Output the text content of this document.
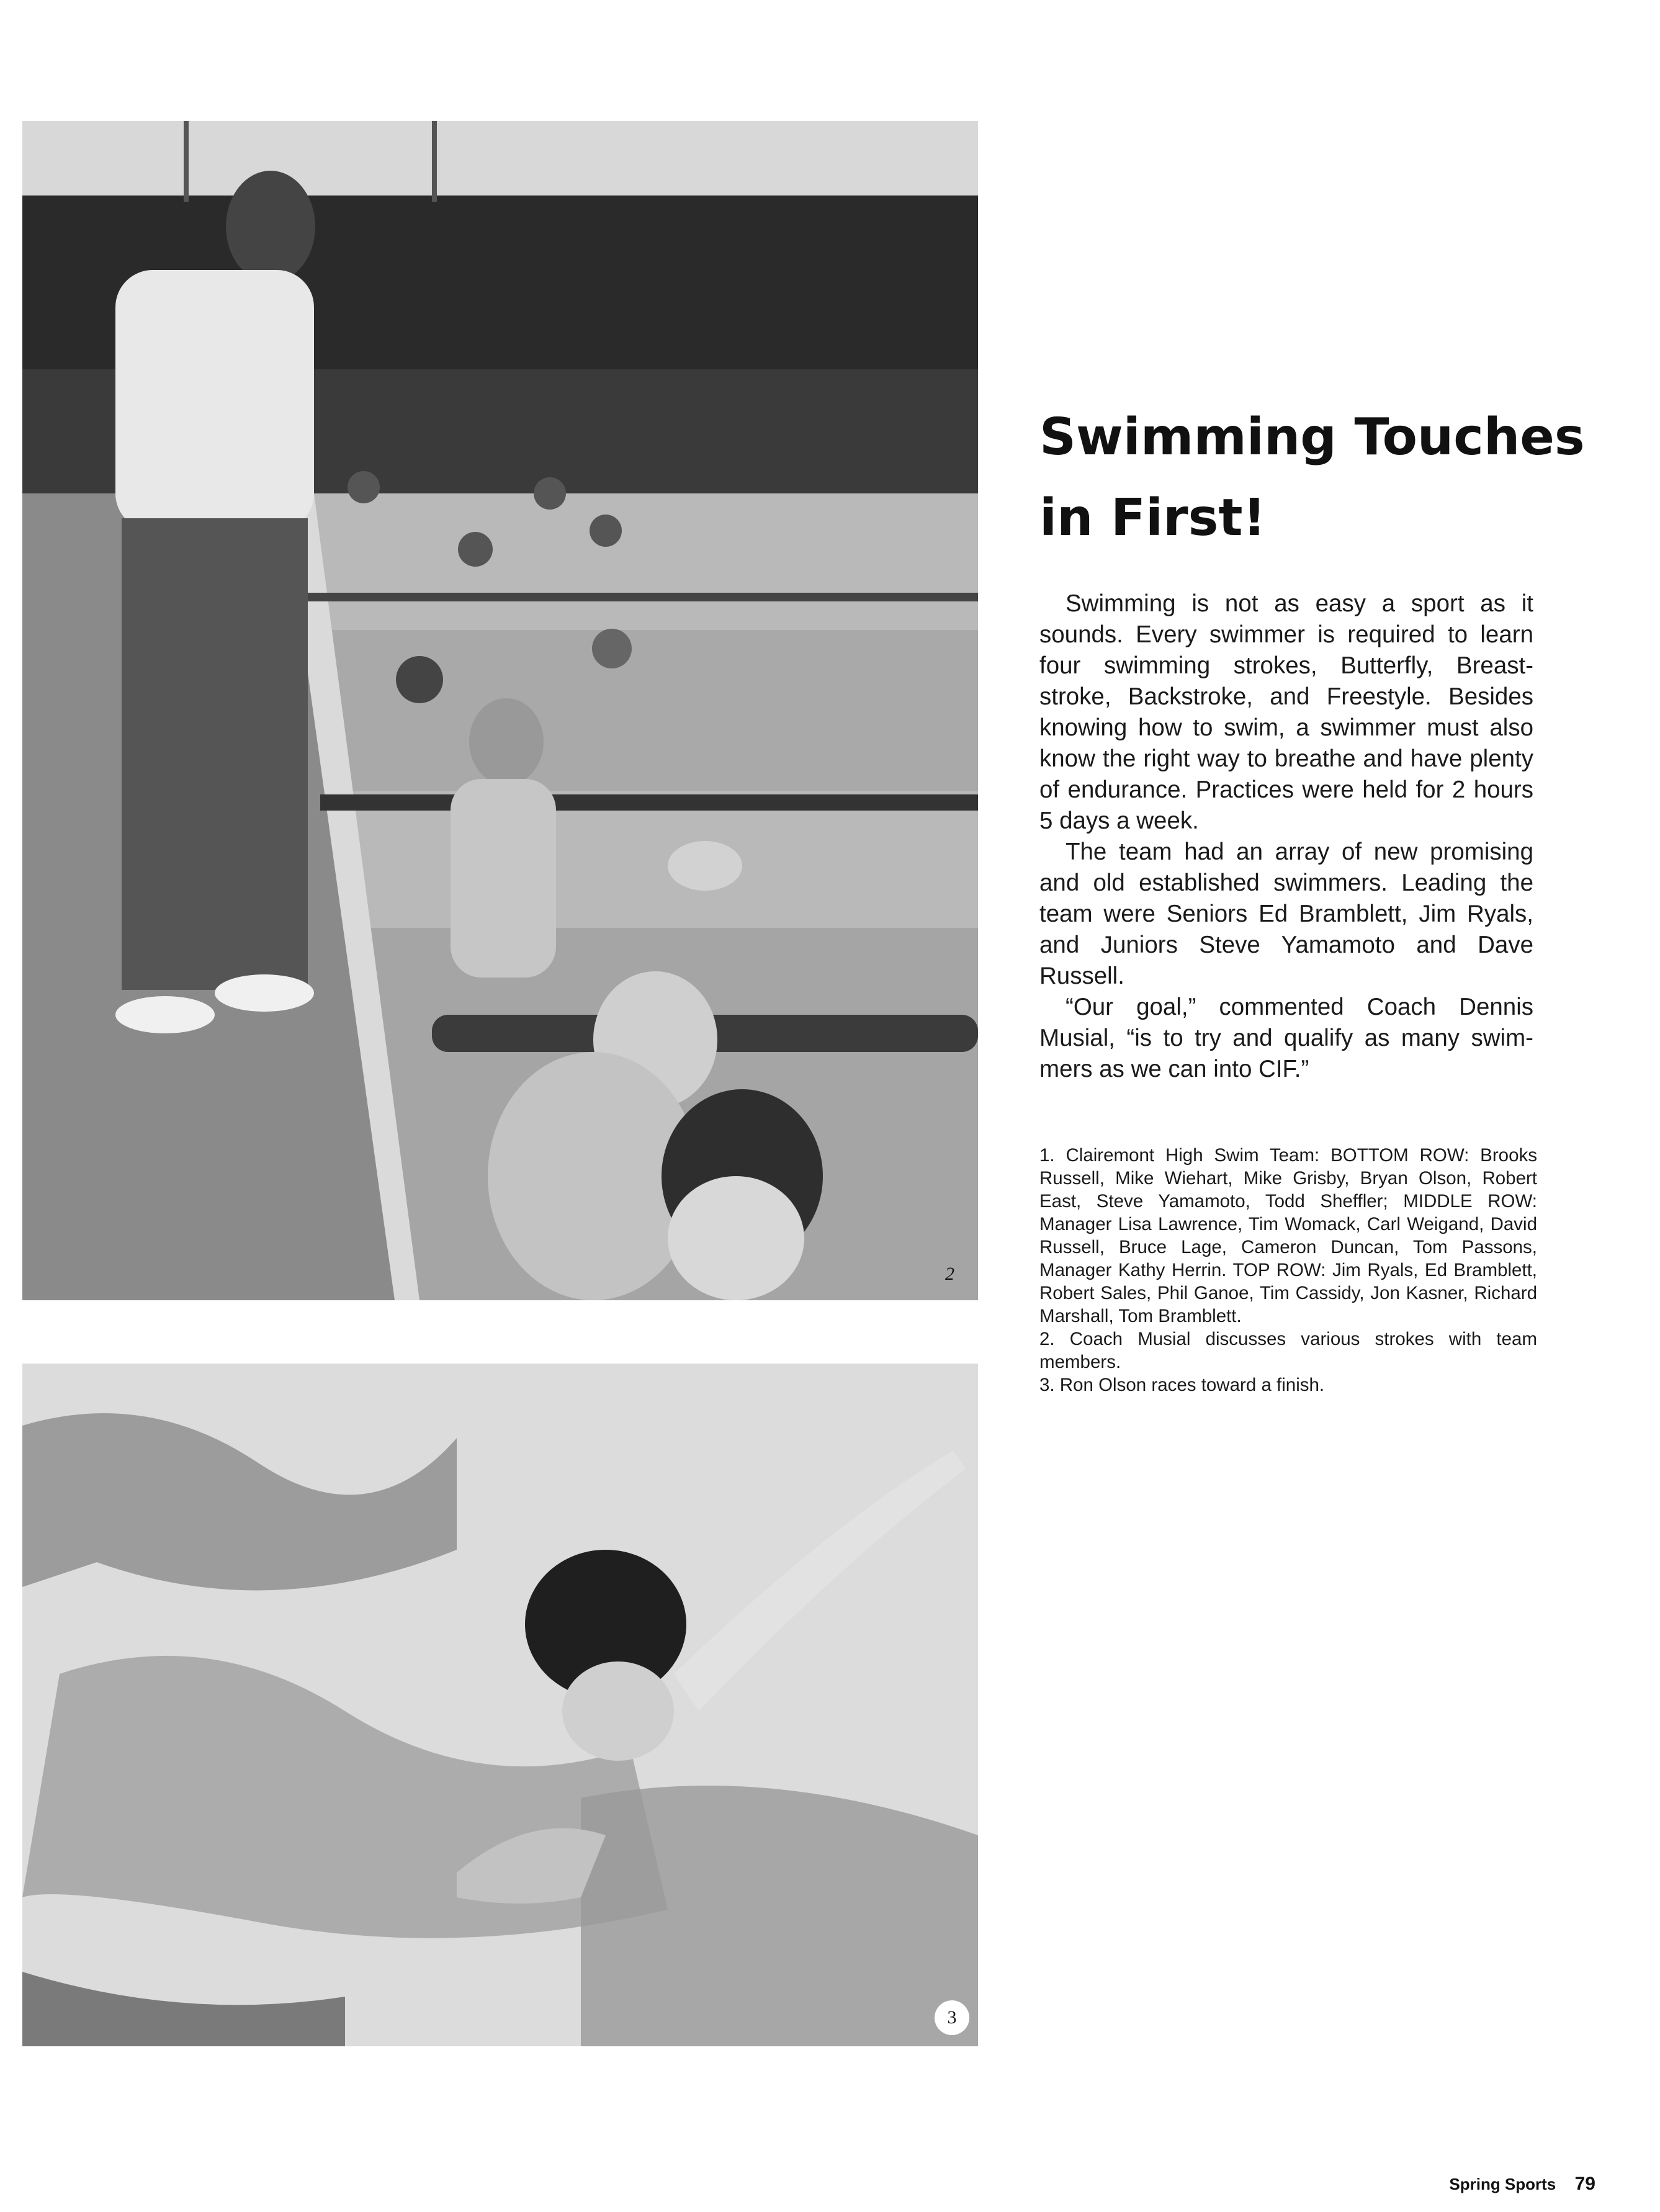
2
3
Swimming Touches
in First!

Swimming is not as easy a sport as it sounds. Every swimmer is required to learn four swimming strokes, Butterfly, Breast-stroke, Backstroke, and Freestyle. Besides knowing how to swim, a swimmer must also know the right way to breathe and have plenty of endurance. Practices were held for 2 hours 5 days a week.

The team had an array of new promising and old established swimmers. Leading the team were Seniors Ed Bramblett, Jim Ryals, and Juniors Steve Yamamoto and Dave Russell.

“Our goal,” commented Coach Dennis Musial, “is to try and qualify as many swim-mers as we can into CIF.”

1. Clairemont High Swim Team: BOTTOM ROW: Brooks Russell, Mike Wiehart, Mike Grisby, Bryan Olson, Robert East, Steve Yamamoto, Todd Sheffler; MIDDLE ROW: Manager Lisa Lawrence, Tim Womack, Carl Weigand, David Russell, Bruce Lage, Cameron Duncan, Tom Passons, Manager Kathy Herrin. TOP ROW: Jim Ryals, Ed Bramblett, Robert Sales, Phil Ganoe, Tim Cassidy, Jon Kasner, Richard Marshall, Tom Bramblett.

2. Coach Musial discusses various strokes with team members.

3. Ron Olson races toward a finish.

Spring Sports 79
